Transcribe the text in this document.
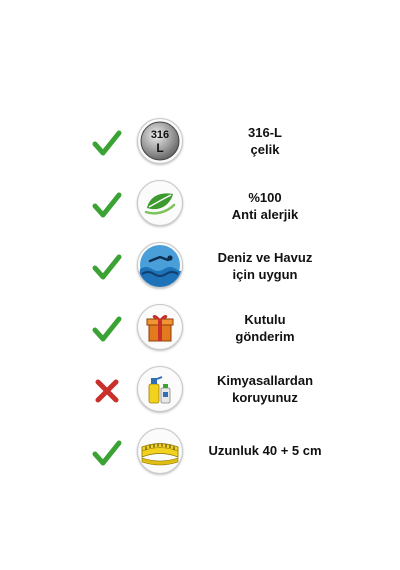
316
L
316-L
çelik
%100
Anti alerjik
Deniz ve Havuz
için uygun
Kutulu
gönderim
Kimyasallardan
koruyunuz
Uzunluk 40 + 5 cm
